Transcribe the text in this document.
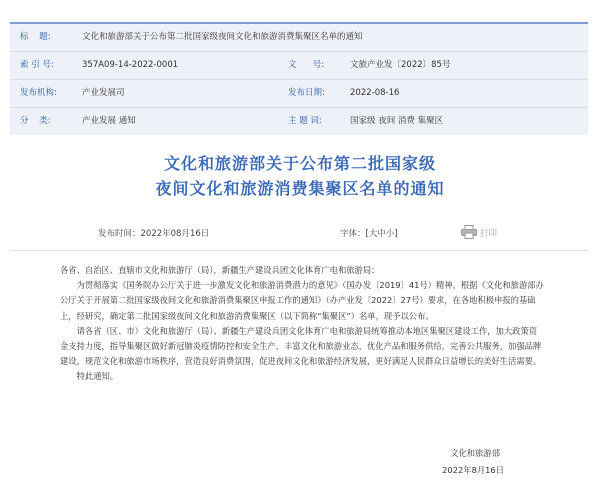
标    题:	文化和旅游部关于公布第二批国家级夜间文化和旅游消费集聚区名单的通知
索 引 号:	357A09-14-2022-0001	文      号:	文旅产业发〔2022〕85号
发布机构:	产业发展司	发布日期:	2022-08-16
分    类:	产业发展 通知	主 题 词:	国家级 夜间 消费 集聚区
文化和旅游部关于公布第二批国家级
夜间文化和旅游消费集聚区名单的通知
发布时间：2022年08月16日	字体：[大中小]	打印

各省、自治区、直辖市文化和旅游厅（局），新疆生产建设兵团文化体育广电和旅游局：

为贯彻落实《国务院办公厅关于进一步激发文化和旅游消费潜力的意见》（国办发〔2019〕41号）精神，根据《文化和旅游部办公厅关于开展第二批国家级夜间文化和旅游消费集聚区申报工作的通知》（办产业发〔2022〕27号）要求，在各地积极申报的基础上，经研究，确定第二批国家级夜间文化和旅游消费集聚区（以下简称“集聚区”）名单，现予以公布。

请各省（区、市）文化和旅游厅（局）、新疆生产建设兵团文化体育广电和旅游局统筹推动本地区集聚区建设工作，加大政策资金支持力度，指导集聚区做好新冠肺炎疫情防控和安全生产，丰富文化和旅游业态，优化产品和服务供给，完善公共服务，加强品牌建设，规范文化和旅游市场秩序，营造良好消费氛围，促进夜间文化和旅游经济发展，更好满足人民群众日益增长的美好生活需要。

特此通知。

文化和旅游部
2022年8月16日
